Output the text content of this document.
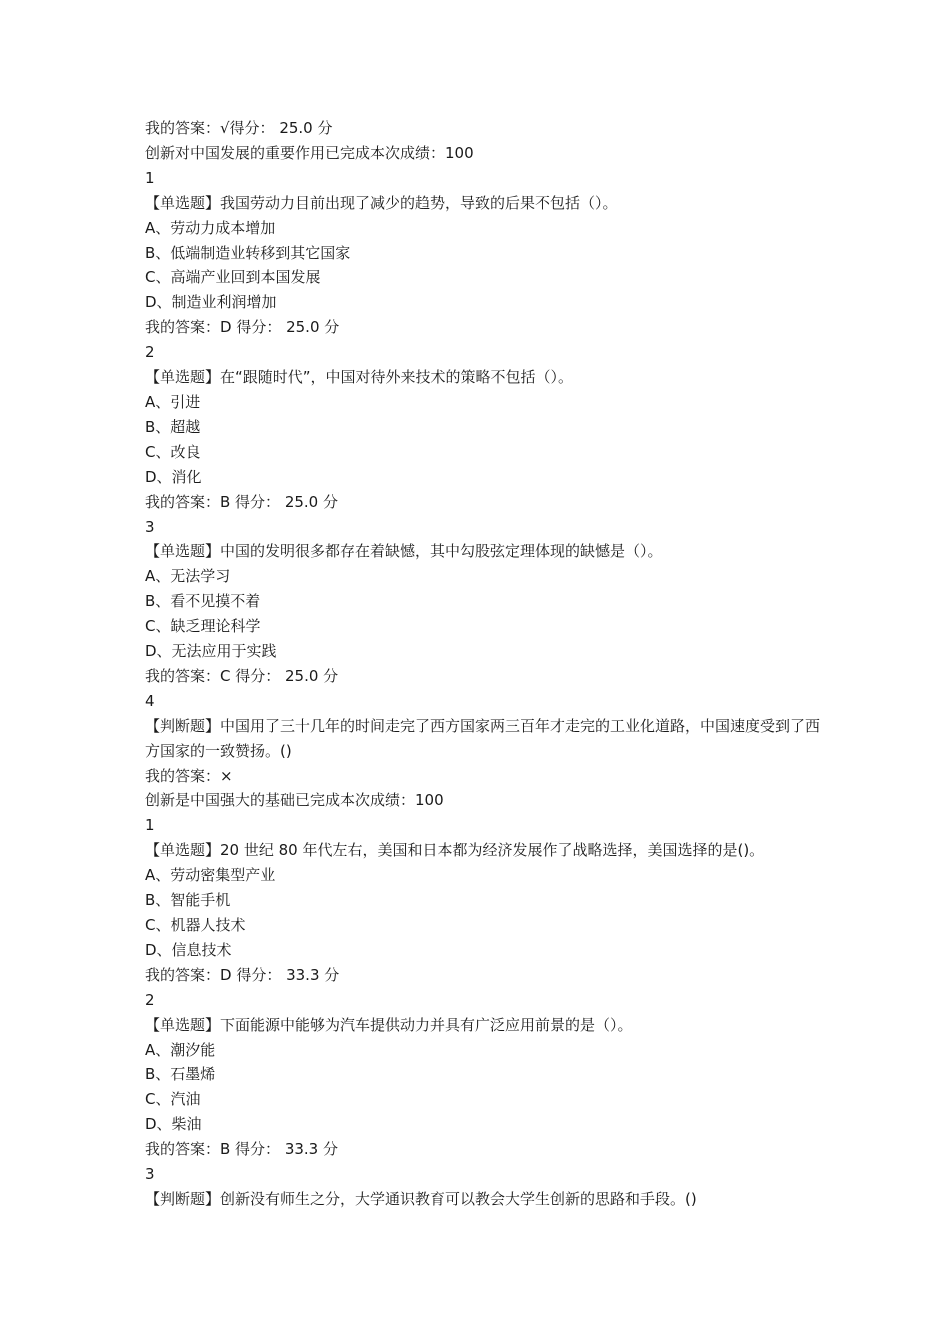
我的答案：√得分： 25.0 分

创新对中国发展的重要作用已完成本次成绩：100

1

【单选题】我国劳动力目前出现了减少的趋势，导致的后果不包括（）。

A、劳动力成本增加

B、低端制造业转移到其它国家

C、高端产业回到本国发展

D、制造业利润增加

我的答案：D 得分： 25.0 分

2

【单选题】在“跟随时代”，中国对待外来技术的策略不包括（）。

A、引进

B、超越

C、改良

D、消化

我的答案：B 得分： 25.0 分

3

【单选题】中国的发明很多都存在着缺憾，其中勾股弦定理体现的缺憾是（）。

A、无法学习

B、看不见摸不着

C、缺乏理论科学

D、无法应用于实践

我的答案：C 得分： 25.0 分

4

【判断题】中国用了三十几年的时间走完了西方国家两三百年才走完的工业化道路，中国速度受到了西方国家的一致赞扬。()

我的答案：×

创新是中国强大的基础已完成本次成绩：100

1

【单选题】20 世纪 80 年代左右，美国和日本都为经济发展作了战略选择，美国选择的是()。

A、劳动密集型产业

B、智能手机

C、机器人技术

D、信息技术

我的答案：D 得分： 33.3 分

2

【单选题】下面能源中能够为汽车提供动力并具有广泛应用前景的是（）。

A、潮汐能

B、石墨烯

C、汽油

D、柴油

我的答案：B 得分： 33.3 分

3

【判断题】创新没有师生之分，大学通识教育可以教会大学生创新的思路和手段。()
